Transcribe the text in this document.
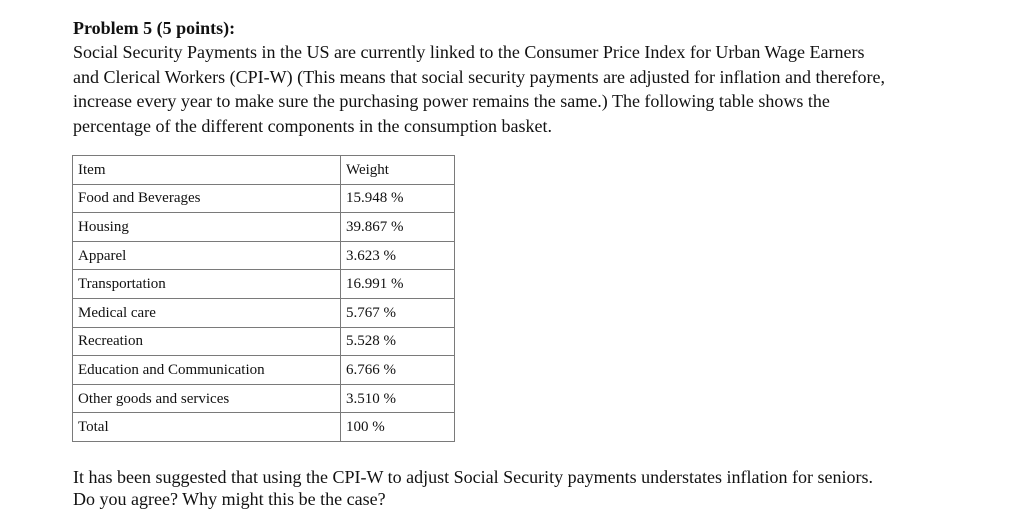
Problem 5 (5 points):
Social Security Payments in the US are currently linked to the Consumer Price Index for Urban Wage Earners
and Clerical Workers (CPI-W) (This means that social security payments are adjusted for inflation and therefore,
increase every year to make sure the purchasing power remains the same.) The following table shows the
percentage of the different components in the consumption basket.
Item	Weight
Food and Beverages	15.948 %
Housing	39.867 %
Apparel	3.623 %
Transportation	16.991 %
Medical care	5.767 %
Recreation	5.528 %
Education and Communication	6.766 %
Other goods and services	3.510 %
Total	100 %
It has been suggested that using the CPI-W to adjust Social Security payments understates inflation for seniors.
Do you agree? Why might this be the case?
